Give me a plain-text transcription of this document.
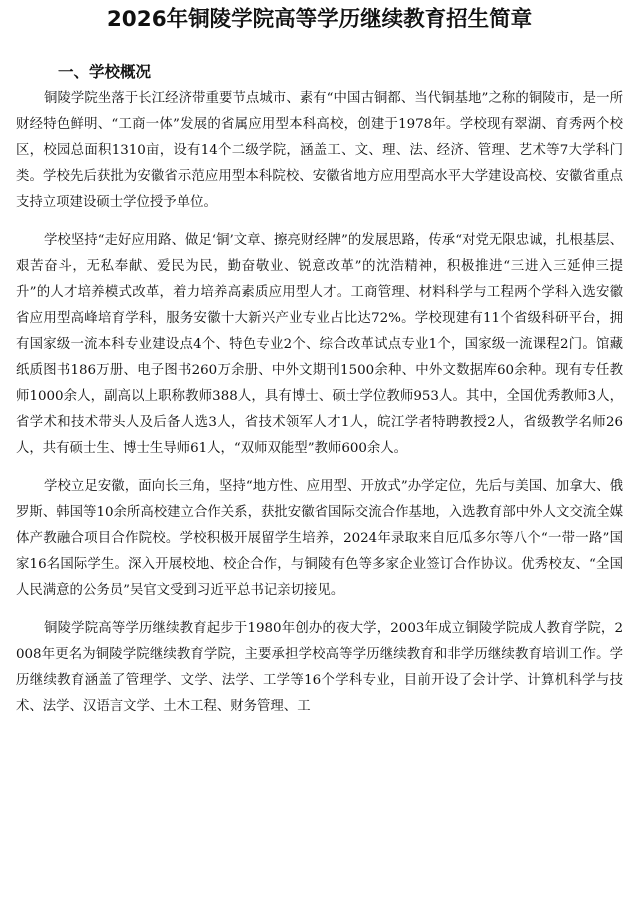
2026年铜陵学院高等学历继续教育招生简章
一、学校概况

铜陵学院坐落于长江经济带重要节点城市、素有“中国古铜都、当代铜基地”之称的铜陵市，是一所财经特色鲜明、“工商一体”发展的省属应用型本科高校，创建于1978年。学校现有翠湖、育秀两个校区，校园总面积1310亩，设有14个二级学院，涵盖工、文、理、法、经济、管理、艺术等7大学科门类。学校先后获批为安徽省示范应用型本科院校、安徽省地方应用型高水平大学建设高校、安徽省重点支持立项建设硕士学位授予单位。

学校坚持“走好应用路、做足‘铜’文章、擦亮财经牌”的发展思路，传承“对党无限忠诚，扎根基层、艰苦奋斗，无私奉献、爱民为民，勤奋敬业、锐意改革”的沈浩精神，积极推进“三进入三延伸三提升”的人才培养模式改革，着力培养高素质应用型人才。工商管理、材料科学与工程两个学科入选安徽省应用型高峰培育学科，服务安徽十大新兴产业专业占比达72%。学校现建有11个省级科研平台，拥有国家级一流本科专业建设点4个、特色专业2个、综合改革试点专业1个，国家级一流课程2门。馆藏纸质图书186万册、电子图书260万余册、中外文期刊1500余种、中外文数据库60余种。现有专任教师1000余人，副高以上职称教师388人，具有博士、硕士学位教师953人。其中，全国优秀教师3人，省学术和技术带头人及后备人选3人，省技术领军人才1人，皖江学者特聘教授2人，省级教学名师26人，共有硕士生、博士生导师61人，“双师双能型”教师600余人。

学校立足安徽，面向长三角，坚持“地方性、应用型、开放式”办学定位，先后与美国、加拿大、俄罗斯、韩国等10余所高校建立合作关系，获批安徽省国际交流合作基地，入选教育部中外人文交流全媒体产教融合项目合作院校。学校积极开展留学生培养，2024年录取来自厄瓜多尔等八个“一带一路”国家16名国际学生。深入开展校地、校企合作，与铜陵有色等多家企业签订合作协议。优秀校友、“全国人民满意的公务员”吴官文受到习近平总书记亲切接见。

铜陵学院高等学历继续教育起步于1980年创办的夜大学，2003年成立铜陵学院成人教育学院，2008年更名为铜陵学院继续教育学院，主要承担学校高等学历继续教育和非学历继续教育培训工作。学历继续教育涵盖了管理学、文学、法学、工学等16个学科专业，目前开设了会计学、计算机科学与技术、法学、汉语言文学、土木工程、财务管理、工
